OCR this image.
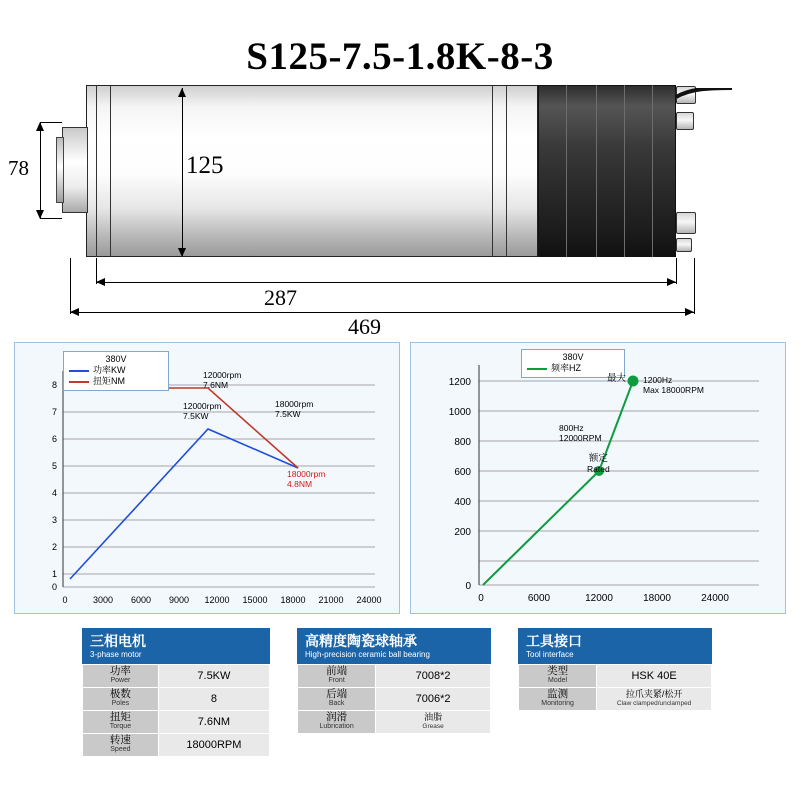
S125-7.5-1.8K-8-3
78	125
287
469
8
7
6
5
4
3
2
1
0
0	3000 6000 9000 12000 15000 18000 21000 24000
380V
功率KW
扭矩NM
12000rpm
7.6NM
12000rpm
7.5KW
18000rpm
7.5KW
18000rpm
4.8NM
1200
1000
800
600
400
200
0
0	6000	12000	18000	24000
380V
频率HZ
800Hz
12000RPM
额定
Rated
最大 1200Hz
Max 18000RPM
三相电机
3-phase motor
功率
Power	7.5KW

极数
Poles	8

扭矩
Torque	7.6NM

转速
Speed	18000RPM
高精度陶瓷球轴承
High-precision ceramic ball bearing
前端
Front	7008*2

后端
Back	7006*2

润滑
Lubrication	油脂
Grease
工具接口
Tool interface
类型
Model	HSK 40E

监测
Monitoring	拉爪夹紧/松开
Claw clamped/unclamped
